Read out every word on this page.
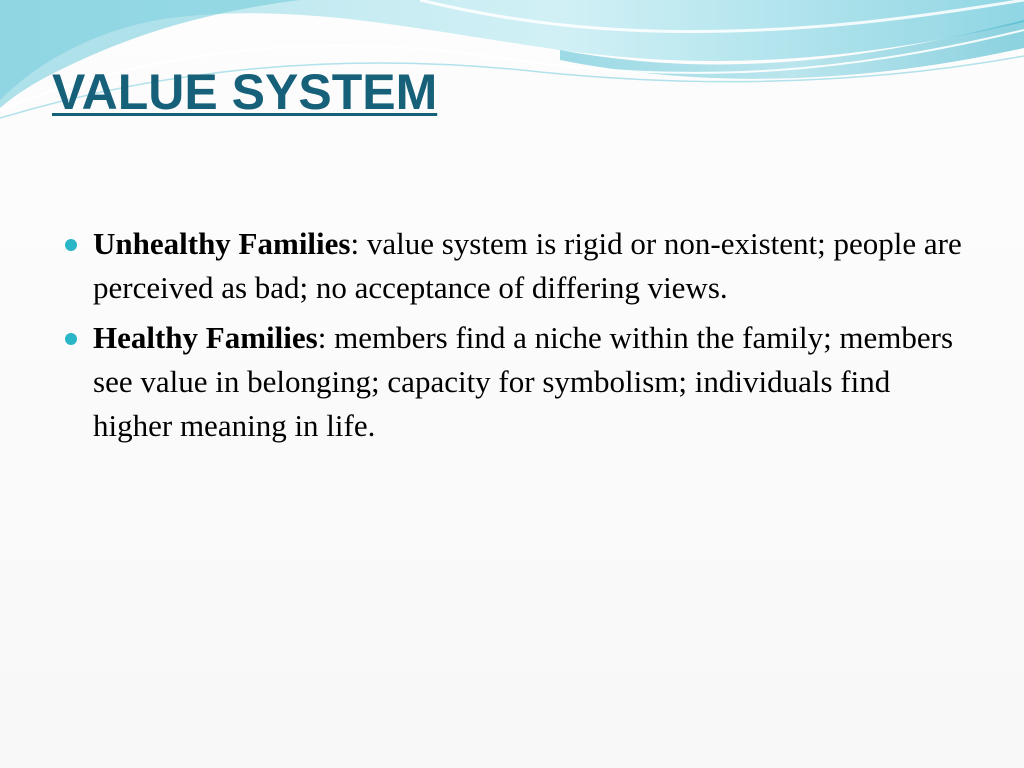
VALUE SYSTEM
Unhealthy Families: value system is rigid or non-existent; people are perceived as bad; no acceptance of differing views.
Healthy Families: members find a niche within the family; members see value in belonging; capacity for symbolism; individuals find higher meaning in life.
